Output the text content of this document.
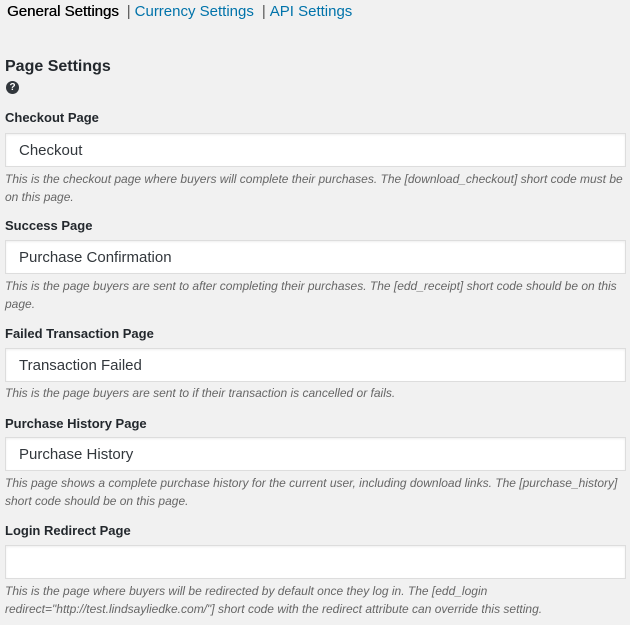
General Settings | Currency Settings | API Settings
Page Settings
?
Checkout Page
Checkout
This is the checkout page where buyers will complete their purchases. The [download_checkout] short code must be on this page.
Success Page
Purchase Confirmation
This is the page buyers are sent to after completing their purchases. The [edd_receipt] short code should be on this page.
Failed Transaction Page
Transaction Failed
This is the page buyers are sent to if their transaction is cancelled or fails.
Purchase History Page
Purchase History
This page shows a complete purchase history for the current user, including download links. The [purchase_history] short code should be on this page.
Login Redirect Page
This is the page where buyers will be redirected by default once they log in. The [edd_login redirect="http://test.lindsayliedke.com/"] short code with the redirect attribute can override this setting.
